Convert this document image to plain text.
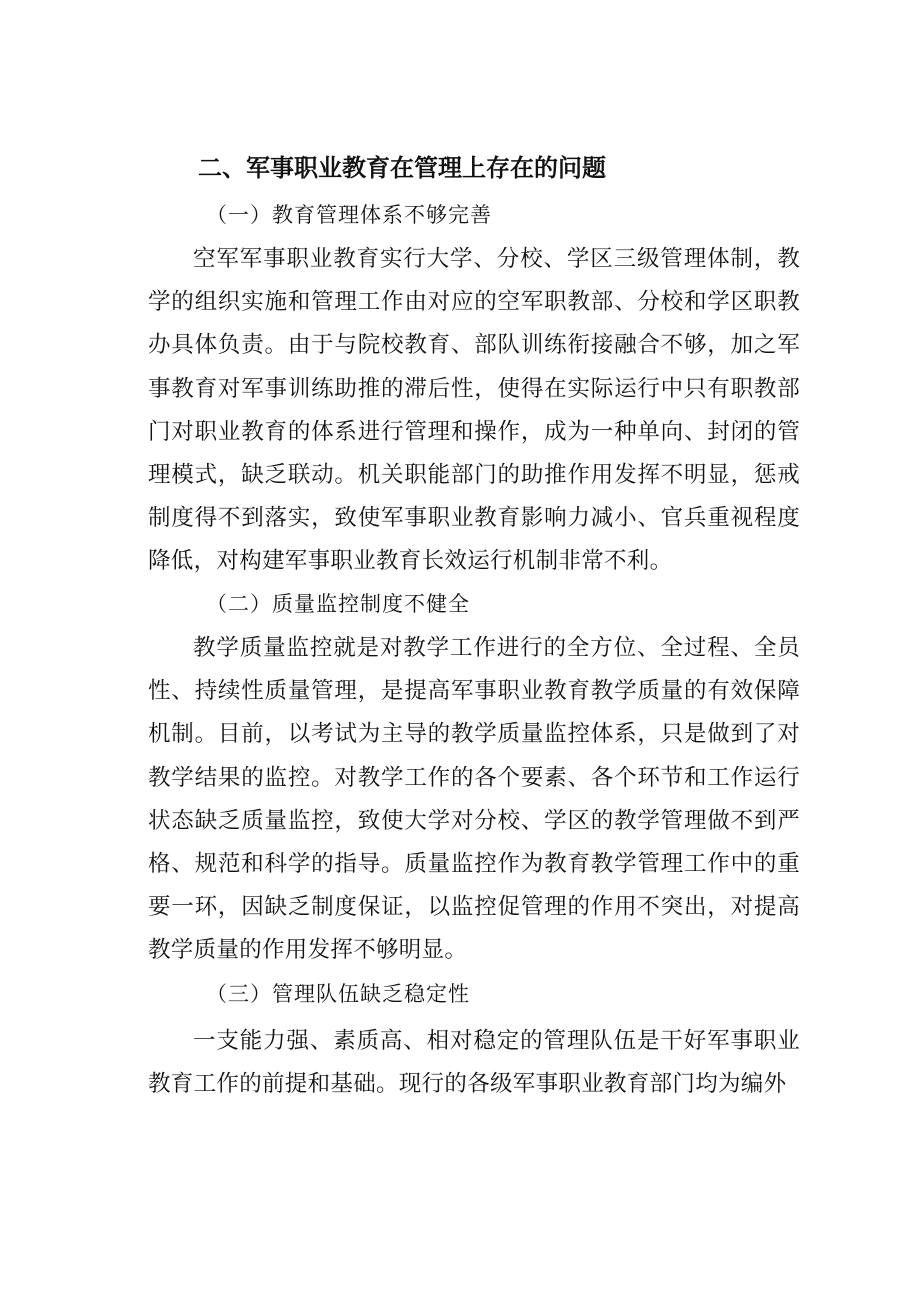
二、军事职业教育在管理上存在的问题
（一）教育管理体系不够完善

空军军事职业教育实行大学、分校、学区三级管理体制，教学的组织实施和管理工作由对应的空军职教部、分校和学区职教办具体负责。由于与院校教育、部队训练衔接融合不够，加之军事教育对军事训练助推的滞后性，使得在实际运行中只有职教部门对职业教育的体系进行管理和操作，成为一种单向、封闭的管理模式，缺乏联动。机关职能部门的助推作用发挥不明显，惩戒制度得不到落实，致使军事职业教育影响力减小、官兵重视程度降低，对构建军事职业教育长效运行机制非常不利。

（二）质量监控制度不健全

教学质量监控就是对教学工作进行的全方位、全过程、全员性、持续性质量管理，是提高军事职业教育教学质量的有效保障机制。目前，以考试为主导的教学质量监控体系，只是做到了对教学结果的监控。对教学工作的各个要素、各个环节和工作运行状态缺乏质量监控，致使大学对分校、学区的教学管理做不到严格、规范和科学的指导。质量监控作为教育教学管理工作中的重要一环，因缺乏制度保证，以监控促管理的作用不突出，对提高教学质量的作用发挥不够明显。

（三）管理队伍缺乏稳定性

一支能力强、素质高、相对稳定的管理队伍是干好军事职业教育工作的前提和基础。现行的各级军事职业教育部门均为编外
